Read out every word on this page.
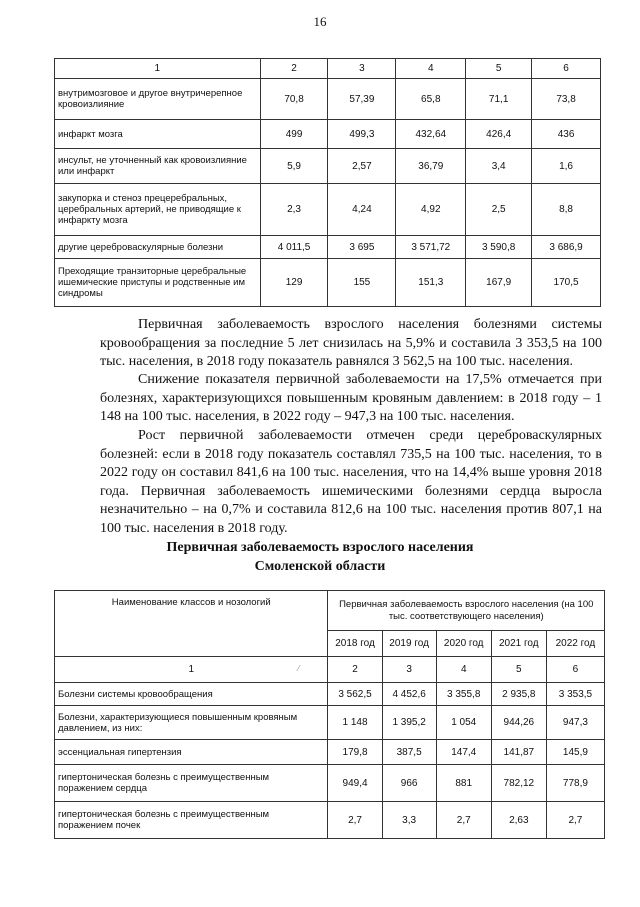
16
1	2	3	4	5	6
внутримозговое и другое внутричерепное кровоизлияние	70,8	57,39	65,8	71,1	73,8
инфаркт мозга	499	499,3	432,64	426,4	436
инсульт, не уточненный как кровоизлияние или инфаркт	5,9	2,57	36,79	3,4	1,6
закупорка и стеноз прецеребральных, церебральных артерий, не приводящие к инфаркту мозга	2,3	4,24	4,92	2,5	8,8
другие цереброваскулярные болезни	4 011,5	3 695	3 571,72	3 590,8	3 686,9
Преходящие транзиторные церебральные ишемические приступы и родственные им синдромы	129	155	151,3	167,9	170,5

Первичная заболеваемость взрослого населения болезнями системы кровообращения за последние 5 лет снизилась на 5,9% и составила 3 353,5 на 100 тыс. населения, в 2018 году показатель равнялся 3 562,5 на 100 тыс. населения.

Снижение показателя первичной заболеваемости на 17,5% отмечается при болезнях, характеризующихся повышенным кровяным давлением: в 2018 году – 1 148 на 100 тыс. населения, в 2022 году – 947,3 на 100 тыс. населения.

Рост первичной заболеваемости отмечен среди цереброваскулярных болезней: если в 2018 году показатель составлял 735,5 на 100 тыс. населения, то в 2022 году он составил 841,6 на 100 тыс. населения, что на 14,4% выше уровня 2018 года. Первичная заболеваемость ишемическими болезнями сердца выросла незначительно – на 0,7% и составила 812,6 на 100 тыс. населения против 807,1 на 100 тыс. населения в 2018 году.

Первичная заболеваемость взрослого населения

Смоленской области

Наименование классов и нозологий	Первичная заболеваемость взрослого населения (на 100 тыс. соответствующего населения)				
	2018 год	2019 год	2020 год	2021 год	2022 год
1 ⁄	2	3	4	5	6
Болезни системы кровообращения	3 562,5	4 452,6	3 355,8	2 935,8	3 353,5
Болезни, характеризующиеся повышенным кровяным давлением, из них:	1 148	1 395,2	1 054	944,26	947,3
эссенциальная гипертензия	179,8	387,5	147,4	141,87	145,9
гипертоническая болезнь с преимущественным поражением сердца	949,4	966	881	782,12	778,9
гипертоническая болезнь с преимущественным поражением почек	2,7	3,3	2,7	2,63	2,7
